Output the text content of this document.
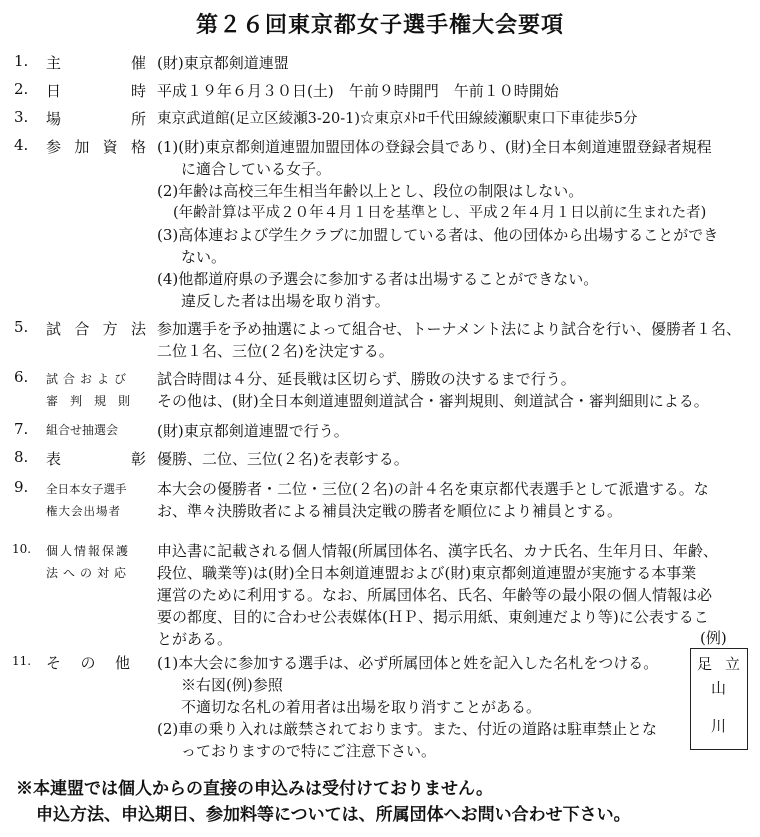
第２６回東京都女子選手権大会要項
1. 主	催 (財)東京都剣道連盟
2. 日	時 平成１９年６月３０日(土)　午前９時開門　午前１０時開始
3. 場	所 東京武道館(足立区綾瀬3-20-1)☆東京ﾒﾄﾛ千代田線綾瀬駅東口下車徒歩5分
4. 参 加 資 格 (1)(財)東京都剣道連盟加盟団体の登録会員であり、(財)全日本剣道連盟登録者規程
に適合している女子。
(2)年齢は高校三年生相当年齢以上とし、段位の制限はしない。
(年齢計算は平成２０年４月１日を基準とし、平成２年４月１日以前に生まれた者)
(3)高体連および学生クラブに加盟している者は、他の団体から出場することができ
ない。
(4)他都道府県の予選会に参加する者は出場することができない。
違反した者は出場を取り消す。
5. 試 合 方 法 参加選手を予め抽選によって組合せ、トーナメント法により試合を行い、優勝者１名、
二位１名、三位(２名)を決定する。
6. 試合および
審判規則
試合時間は４分、延長戦は区切らず、勝敗の決するまで行う。
その他は、(財)全日本剣道連盟剣道試合・審判規則、剣道試合・審判細則による。
7. 組合せ抽選会	(財)東京都剣道連盟で行う。
8. 表	彰 優勝、二位、三位(２名)を表彰する。
9. 全日本女子選手
権大会出場者
本大会の優勝者・二位・三位(２名)の計４名を東京都代表選手として派遣する。な
お、準々決勝敗者による補員決定戦の勝者を順位により補員とする。
10. 個人情報保護
法への対応
申込書に記載される個人情報(所属団体名、漢字氏名、カナ氏名、生年月日、年齢、
段位、職業等)は(財)全日本剣道連盟および(財)東京都剣道連盟が実施する本事業
運営のために利用する。なお、所属団体名、氏名、年齢等の最小限の個人情報は必
要の都度、目的に合わせ公表媒体(ＨＰ、掲示用紙、東剣連だより等)に公表するこ
とがある。	(例)
11. そ の 他 (1)本大会に参加する選手は、必ず所属団体と姓を記入した名札をつける。
※右図(例)参照
不適切な名札の着用者は出場を取り消すことがある。
(2)車の乗り入れは厳禁されております。また、付近の道路は駐車禁止とな
っておりますので特にご注意下さい。
足 立
山
川
※本連盟では個人からの直接の申込みは受付けておりません。
申込方法、申込期日、参加料等については、所属団体へお問い合わせ下さい。
